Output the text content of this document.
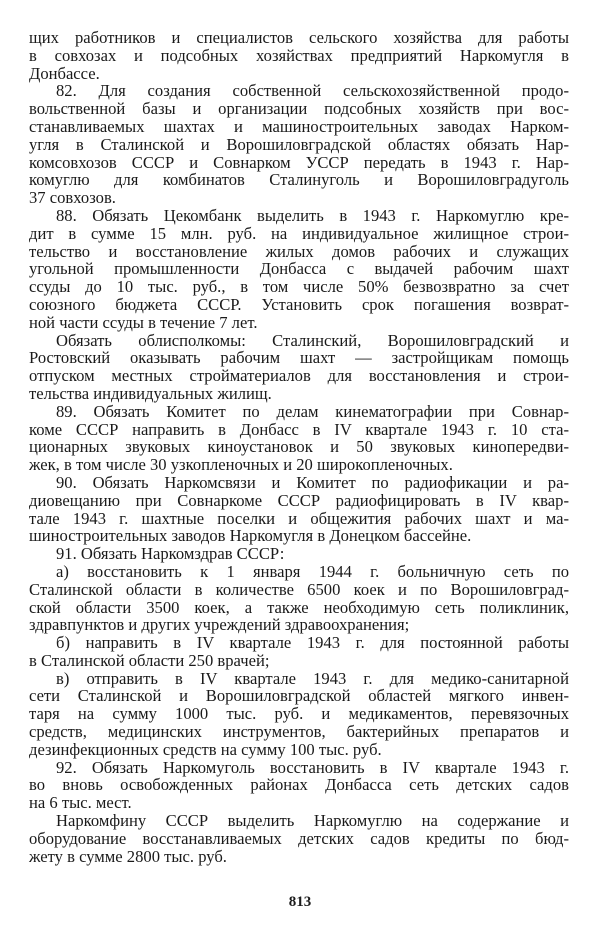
щих работников и специалистов сельского хозяйства для работы
в совхозах и подсобных хозяйствах предприятий Наркомугля в
Донбассе.
82. Для создания собственной сельскохозяйственной продо-
вольственной базы и организации подсобных хозяйств при вос-
станавливаемых шахтах и машиностроительных заводах Нарком-
угля в Сталинской и Ворошиловградской областях обязать Нар-
комсовхозов СССР и Совнарком УССР передать в 1943 г. Нар-
комуглю для комбинатов Сталинуголь и Ворошиловградуголь
37 совхозов.
88. Обязать Цекомбанк выделить в 1943 г. Наркомуглю кре-
дит в сумме 15 млн. руб. на индивидуальное жилищное строи-
тельство и восстановление жилых домов рабочих и служащих
угольной промышленности Донбасса с выдачей рабочим шахт
ссуды до 10 тыс. руб., в том числе 50% безвозвратно за счет
союзного бюджета СССР. Установить срок погашения возврат-
ной части ссуды в течение 7 лет.
Обязать облисполкомы: Сталинский, Ворошиловградский и
Ростовский оказывать рабочим шахт — застройщикам помощь
отпуском местных стройматериалов для восстановления и строи-
тельства индивидуальных жилищ.
89. Обязать Комитет по делам кинематографии при Совнар-
коме СССР направить в Донбасс в IV квартале 1943 г. 10 ста-
ционарных звуковых киноустановок и 50 звуковых кинопередви-
жек, в том числе 30 узкопленочных и 20 широкопленочных.
90. Обязать Наркомсвязи и Комитет по радиофикации и ра-
диовещанию при Совнаркоме СССР радиофицировать в IV квар-
тале 1943 г. шахтные поселки и общежития рабочих шахт и ма-
шиностроительных заводов Наркомугля в Донецком бассейне.
91. Обязать Наркомздрав СССР:
а) восстановить к 1 января 1944 г. больничную сеть по
Сталинской области в количестве 6500 коек и по Ворошиловград-
ской области 3500 коек, а также необходимую сеть поликлиник,
здравпунктов и других учреждений здравоохранения;
б) направить в IV квартале 1943 г. для постоянной работы
в Сталинской области 250 врачей;
в) отправить в IV квартале 1943 г. для медико-санитарной
сети Сталинской и Ворошиловградской областей мягкого инвен-
таря на сумму 1000 тыс. руб. и медикаментов, перевязочных
средств, медицинских инструментов, бактерийных препаратов и
дезинфекционных средств на сумму 100 тыс. руб.
92. Обязать Наркомуголь восстановить в IV квартале 1943 г.
во вновь освобожденных районах Донбасса сеть детских садов
на 6 тыс. мест.
Наркомфину СССР выделить Наркомуглю на содержание и
оборудование восстанавливаемых детских садов кредиты по бюд-
жету в сумме 2800 тыс. руб.
813
